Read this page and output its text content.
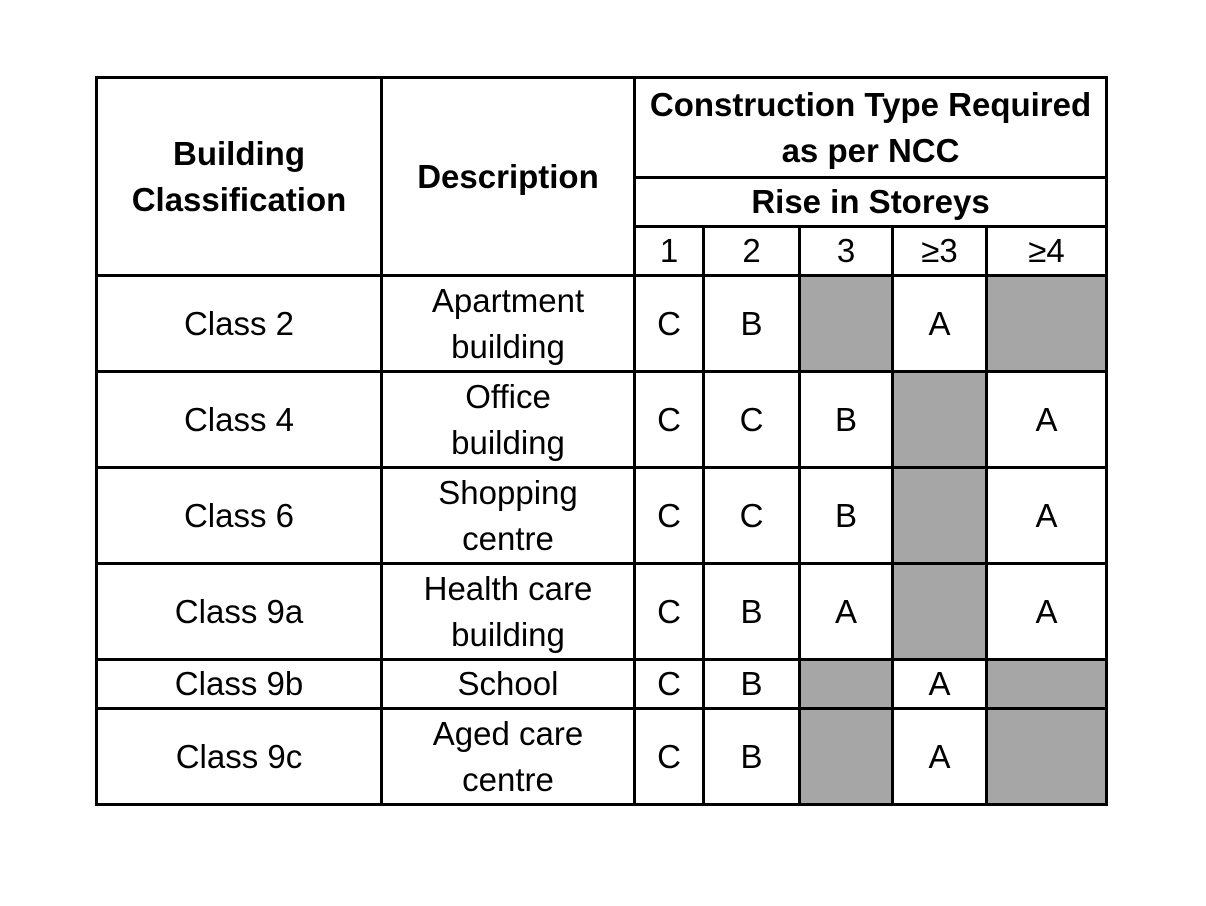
Building Classification	Description	Construction Type Required as per NCC				
		Rise in Storeys				
		1	2	3	≥3	≥4
Class 2	Apartment building	C	B		A	
Class 4	Office building	C	C	B		A
Class 6	Shopping centre	C	C	B		A
Class 9a	Health care building	C	B	A		A
Class 9b	School	C	B		A	
Class 9c	Aged care centre	C	B		A	
